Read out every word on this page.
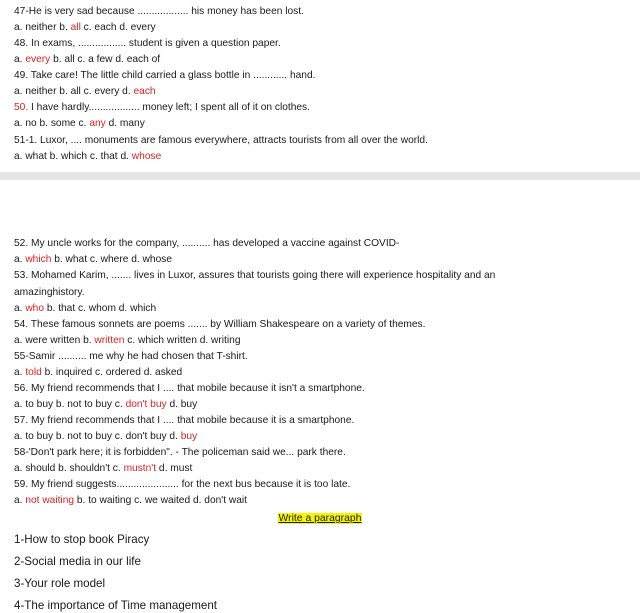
47-He is very sad because .................. his money has been lost.
a. neither b. all c. each d. every
48. In exams, ................. student is given a question paper.
a. every b. all c. a few d. each of
49. Take care! The little child carried a glass bottle in ............ hand.
a. neither b. all c. every d. each
50. I have hardly.................. money left; I spent all of it on clothes.
a. no b. some c. any d. many
51-1. Luxor, .... monuments are famous everywhere, attracts tourists from all over the world.
a. what b. which c. that d. whose
52. My uncle works for the company, .......... has developed a vaccine against COVID-
a. which b. what c. where d. whose
53. Mohamed Karim, ....... lives in Luxor, assures that tourists going there will experience hospitality and an
amazinghistory.
a. who b. that c. whom d. which
54. These famous sonnets are poems ....... by William Shakespeare on a variety of themes.
a. were written b. written c. which written d. writing
55-Samir .......... me why he had chosen that T-shirt.
a. told b. inquired c. ordered d. asked
56. My friend recommends that I .... that mobile because it isn't a smartphone.
a. to buy b. not to buy c. don't buy d. buy
57. My friend recommends that I .... that mobile because it is a smartphone.
a. to buy b. not to buy c. don't buy d. buy
58-'Don't park here; it is forbidden". - The policeman said we... park there.
a. should b. shouldn't c. mustn't d. must
59. My friend suggests...................... for the next bus because it is too late.
a. not waiting b. to waiting c. we waited d. don't wait
Write a paragraph
1-How to stop book Piracy
2-Social media in our life
3-Your role model
4-The importance of Time management
